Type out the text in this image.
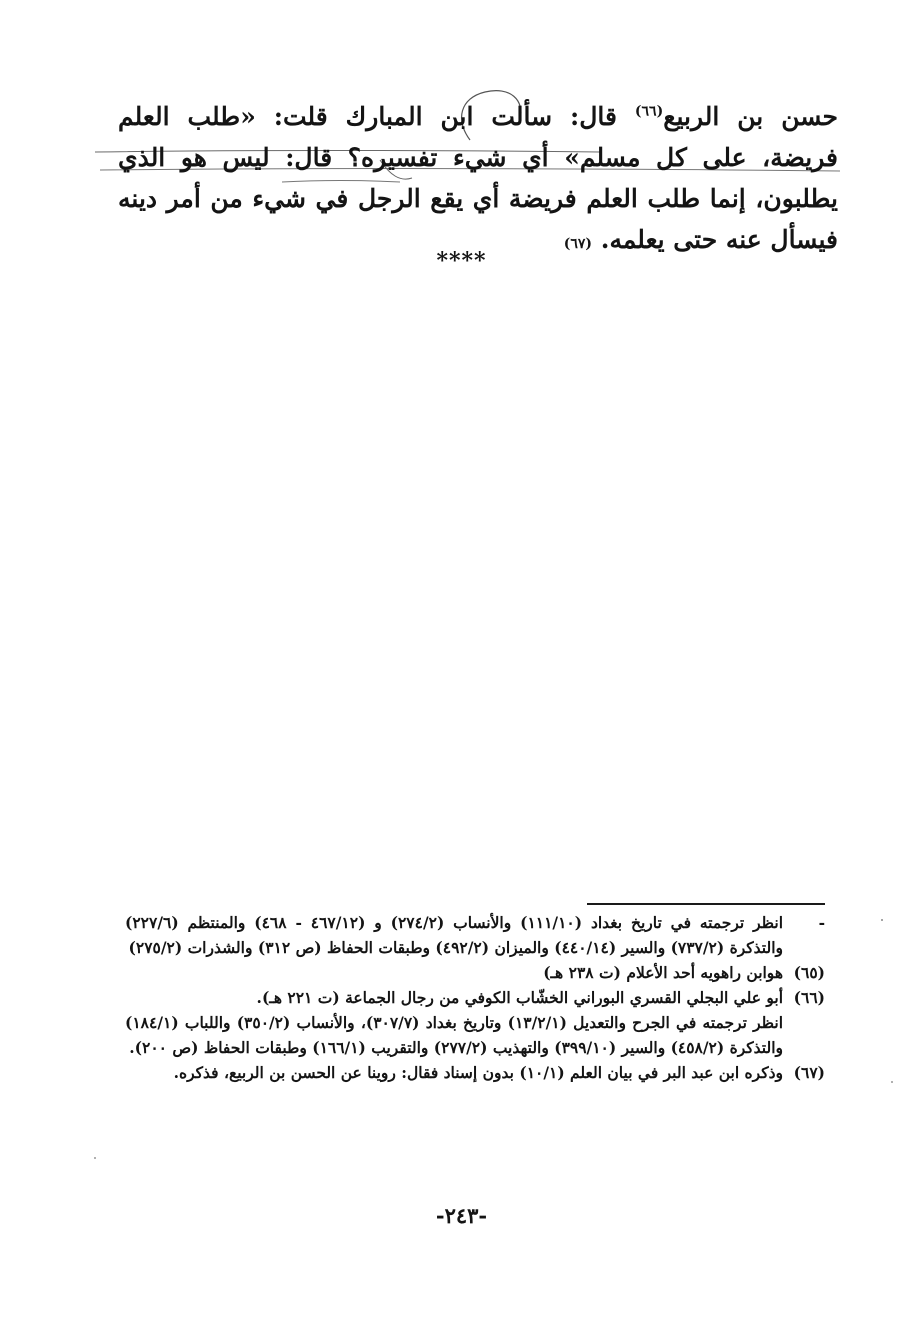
حسن بن الربيع$^{(٦٦)}$ قال: سألت ابن المبارك قلت: «طلب العلم فريضة، على كل مسلم» أي شيء تفسيره؟ قال: ليس هو الذي يطلبون، إنما طلب العلم فريضة أي يقع الرجل في شيء من أمر دينه فيسأل عنه حتى يعلمه. (٦٧)

****
-
انظر ترجمته في تاريخ بغداد (١١١/١٠) والأنساب (٢٧٤/٢) و (٤٦٧/١٢ - ٤٦٨) والمنتظم (٢٢٧/٦) والتذكرة (٧٣٧/٢) والسير (٤٤٠/١٤) والميزان (٤٩٢/٢) وطبقات الحفاظ (ص ٣١٢) والشذرات (٢٧٥/٢)
(٦٥)
هوابن راهويه أحد الأعلام (ت ٢٣٨ هـ)
(٦٦)
أبو علي البجلي القسري البوراني الخشّاب الكوفي من رجال الجماعة (ت ٢٢١ هـ).
انظر ترجمته في الجرح والتعديل (١٣/٢/١) وتاريخ بغداد (٣٠٧/٧)، والأنساب (٣٥٠/٢) واللباب (١٨٤/١) والتذكرة (٤٥٨/٢) والسير (٣٩٩/١٠) والتهذيب (٢٧٧/٢) والتقريب (١٦٦/١) وطبقات الحفاظ (ص ٢٠٠).
(٦٧)
وذكره ابن عبد البر في بيان العلم (١٠/١) بدون إسناد فقال: روينا عن الحسن بن الربيع، فذكره.
-٢٤٣-
